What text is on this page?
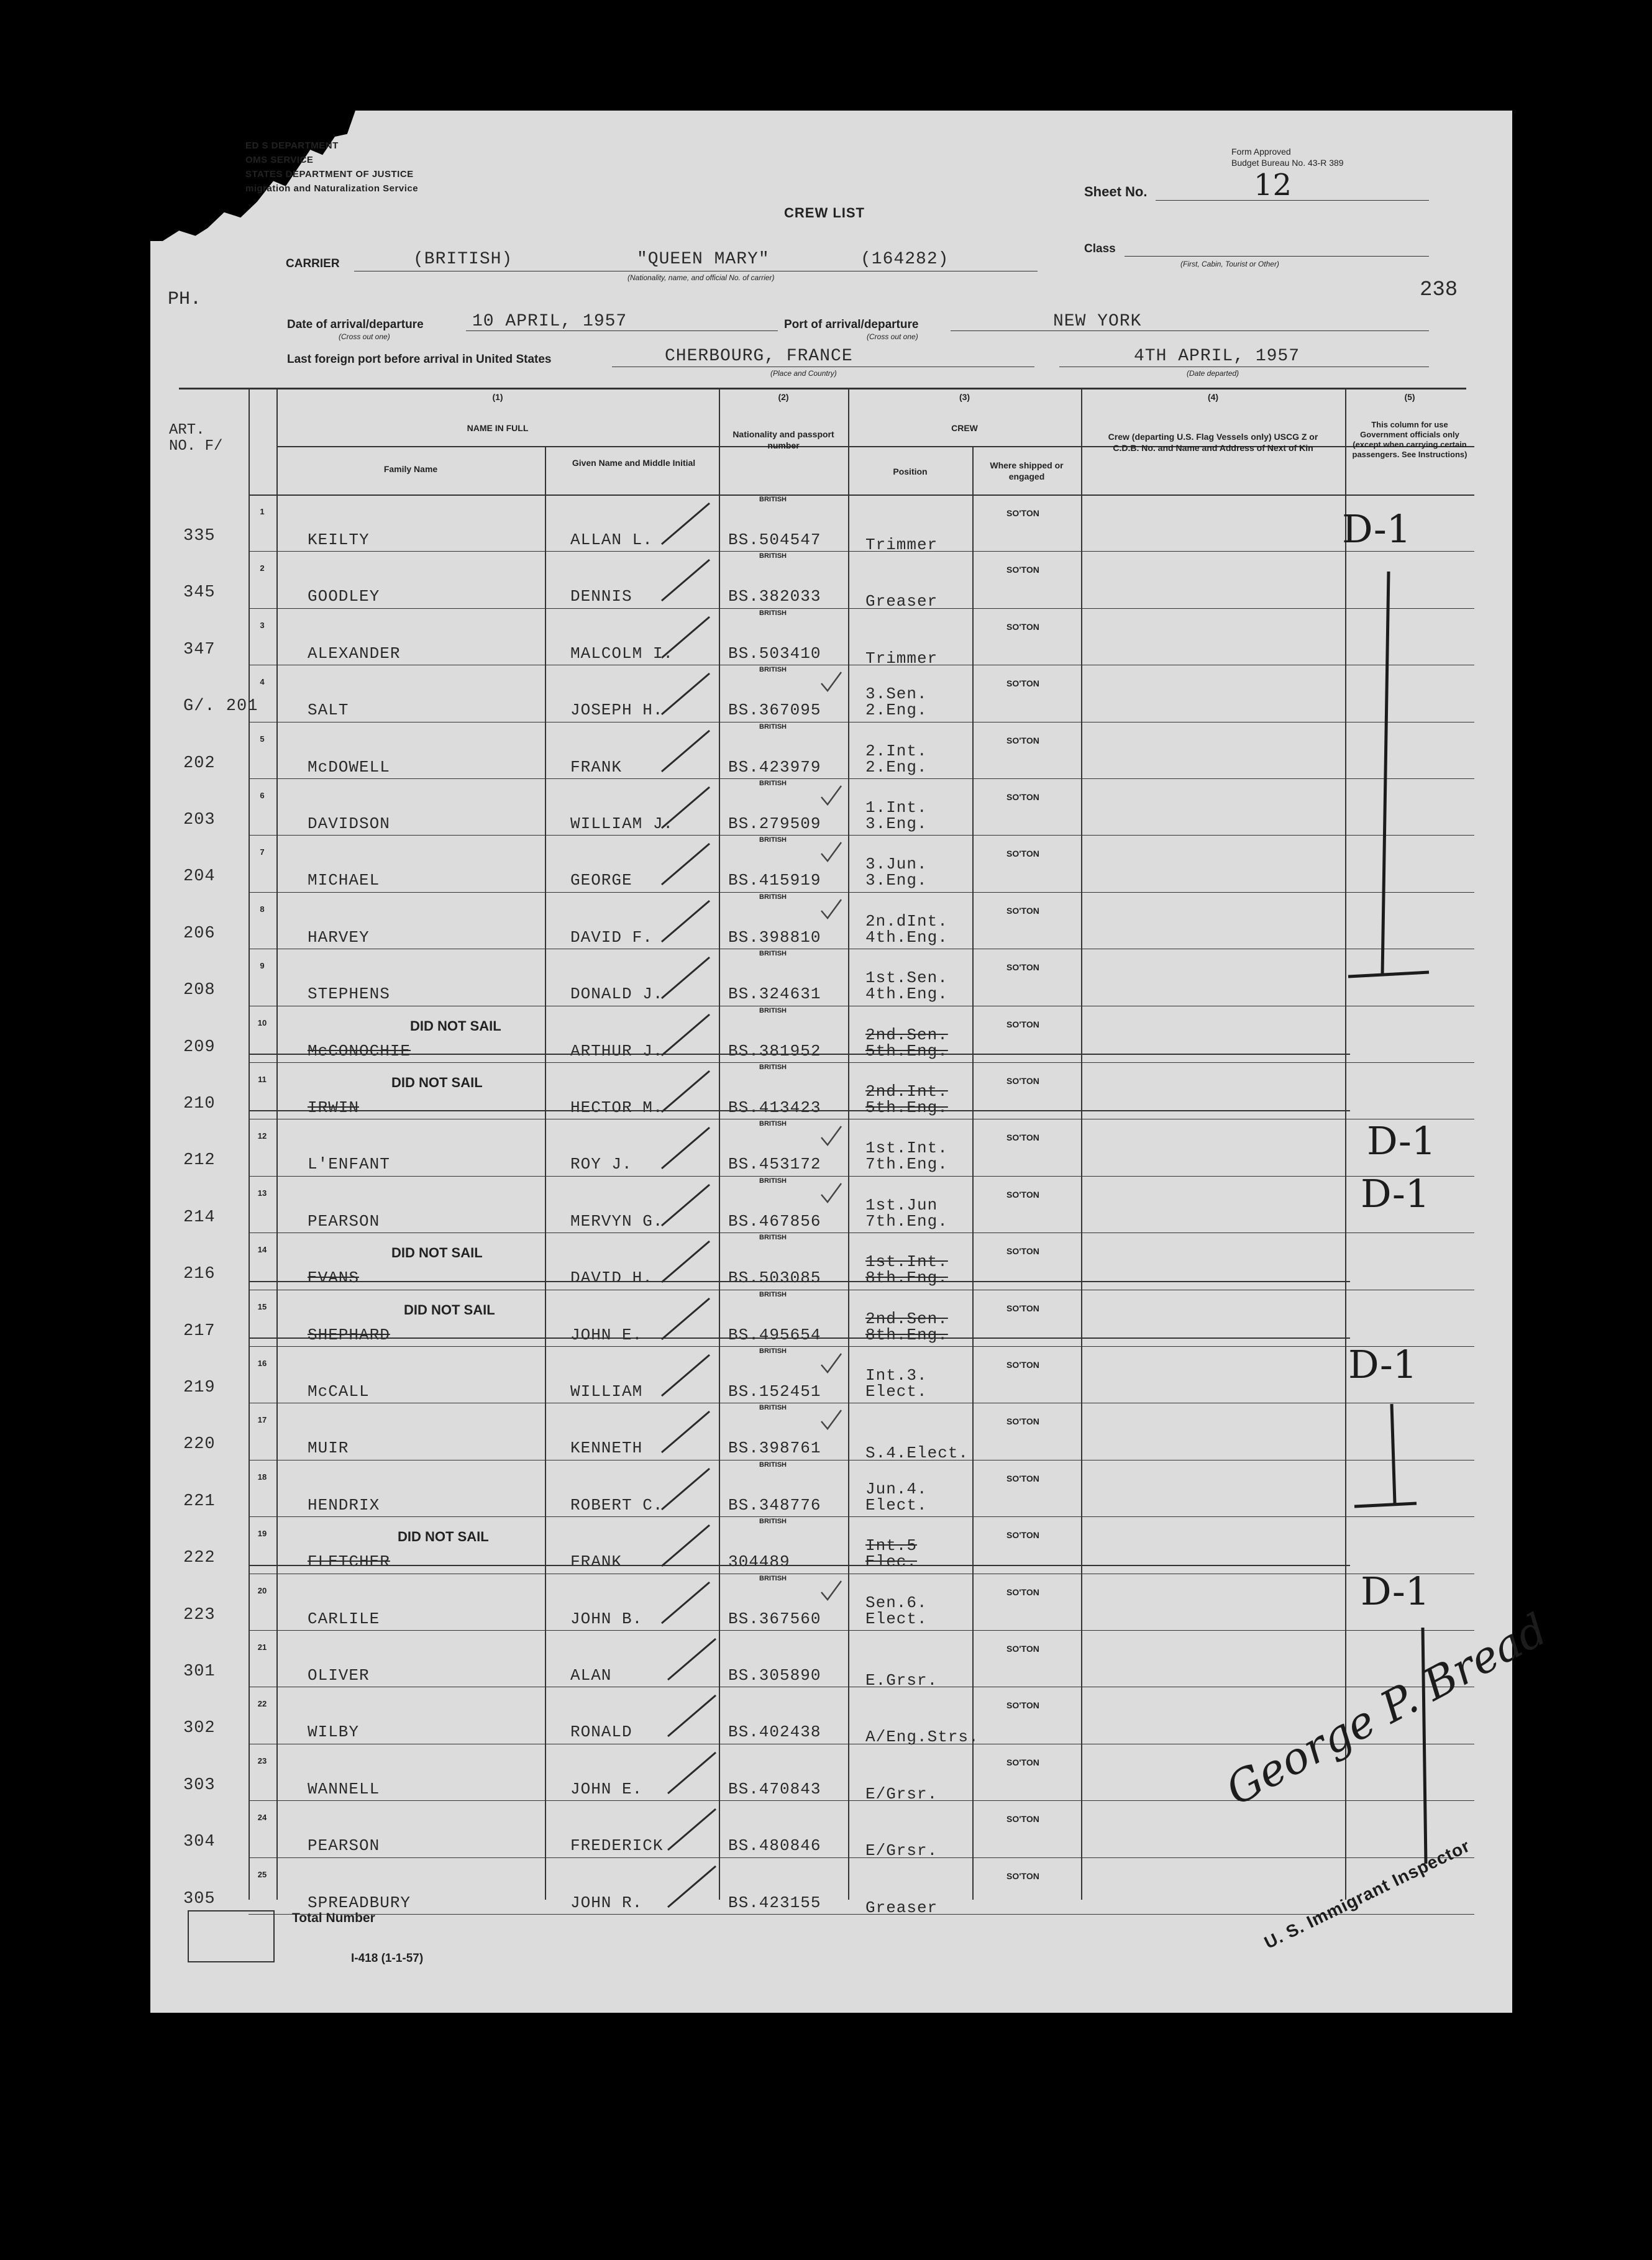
ED S DEPARTMENT
OMS SERVICE
STATES DEPARTMENT OF JUSTICE
migration and Naturalization Service
Form Approved
Budget Bureau No. 43-R 389
Sheet No.	12
CREW LIST
Class
(First, Cabin, Tourist or Other)
238
PH.
CARRIER	(BRITISH)	"QUEEN MARY"	(164282)
(Nationality, name, and official No. of carrier)
Date of arrival/departure	10 APRIL, 1957
(Cross out one)
Port of arrival/departure	NEW YORK
(Cross out one)
Last foreign port before arrival in United States	CHERBOURG, FRANCE
(Place and Country)
4TH APRIL, 1957
(Date departed)
ART. NO. F/
(1)
NAME IN FULL
Family Name
Given Name and Middle Initial
(2)
Nationality and passport number
(3)
CREW
Position
Where shipped or engaged
(4)
Crew (departing U.S. Flag Vessels only) USCG Z or C.D.B. No. and Name and Address of Next of Kin
(5)
This column for use Government officials only (except when carrying certain passengers. See Instructions)
335
1
KEILTY	ALLAN L.
BRITISH
BS.504547	Trimmer
SO'TON
345
2
GOODLEY	DENNIS
BRITISH
BS.382033	Greaser
SO'TON
347
3
ALEXANDER	MALCOLM I.
BRITISH
BS.503410	Trimmer
SO'TON
G/. 201
4
SALT	JOSEPH H.
BRITISH
BS.367095
3.Sen.
2.Eng.
SO'TON
202
5
McDOWELL	FRANK
BRITISH
BS.423979
2.Int.
2.Eng.
SO'TON
203
6
DAVIDSON	WILLIAM J.
BRITISH
BS.279509
1.Int.
3.Eng.
SO'TON
204
7
MICHAEL	GEORGE
BRITISH
BS.415919
3.Jun.
3.Eng.
SO'TON
206
8
HARVEY	DAVID F.
BRITISH
BS.398810
2n.dInt.
4th.Eng.
SO'TON
208
9
STEPHENS	DONALD J.
BRITISH
BS.324631
1st.Sen.
4th.Eng.
SO'TON
209
10
McCONOCHIE	ARTHUR J.
BRITISH
BS.381952
2nd.Sen.
5th.Eng.
SO'TON
DID NOT SAIL
210
11
IRWIN	HECTOR M.
BRITISH
BS.413423
2nd.Int.
5th.Eng.
SO'TON
DID NOT SAIL
212
12
L'ENFANT	ROY J.
BRITISH
BS.453172
1st.Int.
7th.Eng.
SO'TON
214
13
PEARSON	MERVYN G.
BRITISH
BS.467856
1st.Jun
7th.Eng.
SO'TON
216
14
EVANS	DAVID H.
BRITISH
BS.503085
1st.Int.
8th.Eng.
SO'TON
DID NOT SAIL
217
15
SHEPHARD	JOHN E.
BRITISH
BS.495654
2nd.Sen.
8th.Eng.
SO'TON
DID NOT SAIL
219
16
McCALL	WILLIAM
BRITISH
BS.152451
Int.3.
Elect.
SO'TON
220
17
MUIR	KENNETH
BRITISH
BS.398761	S.4.Elect.
SO'TON
221
18
HENDRIX	ROBERT C.
BRITISH
BS.348776
Jun.4.
Elect.
SO'TON
222
19
FLETCHER	FRANK
BRITISH
304489
Int.5
Elec.
SO'TON
DID NOT SAIL
223
20
CARLILE	JOHN B.
BRITISH
BS.367560
Sen.6.
Elect.
SO'TON
301
21
OLIVER	ALAN	BS.305890	E.Grsr.
SO'TON
302
22
WILBY	RONALD	BS.402438	A/Eng.Strs.
SO'TON
303
23
WANNELL	JOHN E.	BS.470843	E/Grsr.
SO'TON
304
24
PEARSON	FREDERICK	BS.480846	E/Grsr.
SO'TON
305
25
SPREADBURY	JOHN R.	BS.423155	Greaser
SO'TON
D-1
D-1
D-1
D-1
D-1
George P. Bread
U. S. Immigrant Inspector
Total Number
I-418 (1-1-57)
